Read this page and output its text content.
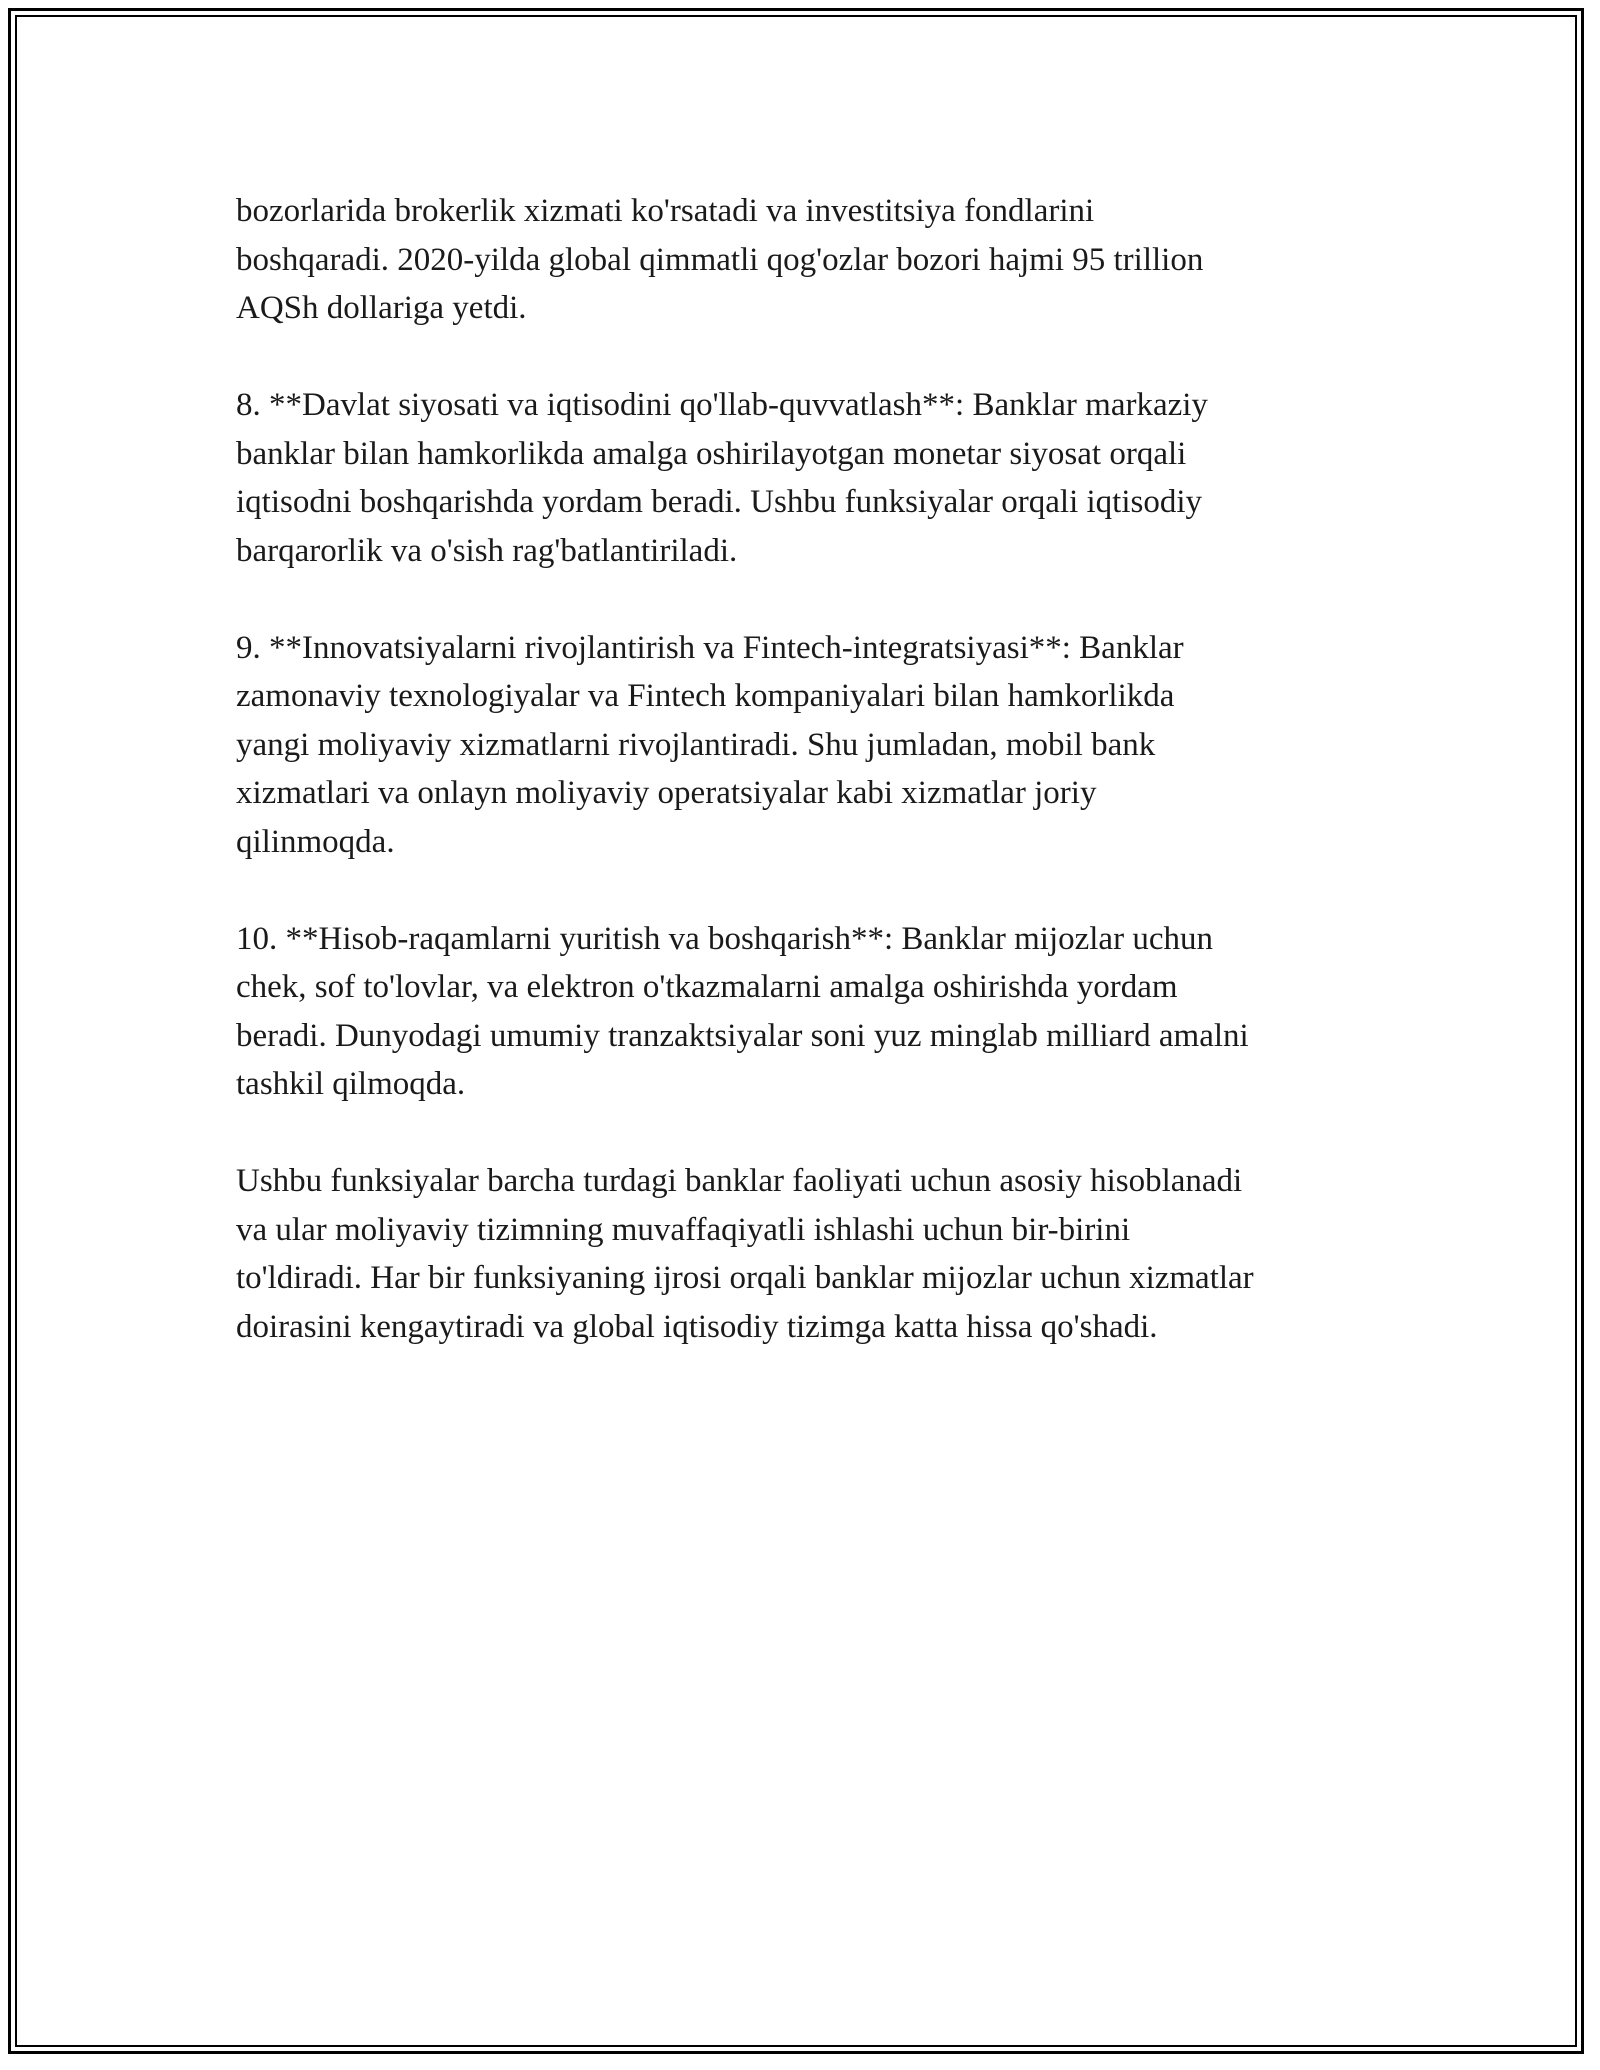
bozorlarida brokerlik xizmati ko'rsatadi va investitsiya fondlarini
boshqaradi. 2020-yilda global qimmatli qog'ozlar bozori hajmi 95 trillion
AQSh dollariga yetdi.

8. **Davlat siyosati va iqtisodini qo'llab-quvvatlash**: Banklar markaziy
banklar bilan hamkorlikda amalga oshirilayotgan monetar siyosat orqali
iqtisodni boshqarishda yordam beradi. Ushbu funksiyalar orqali iqtisodiy
barqarorlik va o'sish rag'batlantiriladi.

9. **Innovatsiyalarni rivojlantirish va Fintech-integratsiyasi**: Banklar
zamonaviy texnologiyalar va Fintech kompaniyalari bilan hamkorlikda
yangi moliyaviy xizmatlarni rivojlantiradi. Shu jumladan, mobil bank
xizmatlari va onlayn moliyaviy operatsiyalar kabi xizmatlar joriy
qilinmoqda.

10. **Hisob-raqamlarni yuritish va boshqarish**: Banklar mijozlar uchun
chek, sof to'lovlar, va elektron o'tkazmalarni amalga oshirishda yordam
beradi. Dunyodagi umumiy tranzaktsiyalar soni yuz minglab milliard amalni
tashkil qilmoqda.

Ushbu funksiyalar barcha turdagi banklar faoliyati uchun asosiy hisoblanadi
va ular moliyaviy tizimning muvaffaqiyatli ishlashi uchun bir-birini
to'ldiradi. Har bir funksiyaning ijrosi orqali banklar mijozlar uchun xizmatlar
doirasini kengaytiradi va global iqtisodiy tizimga katta hissa qo'shadi.
